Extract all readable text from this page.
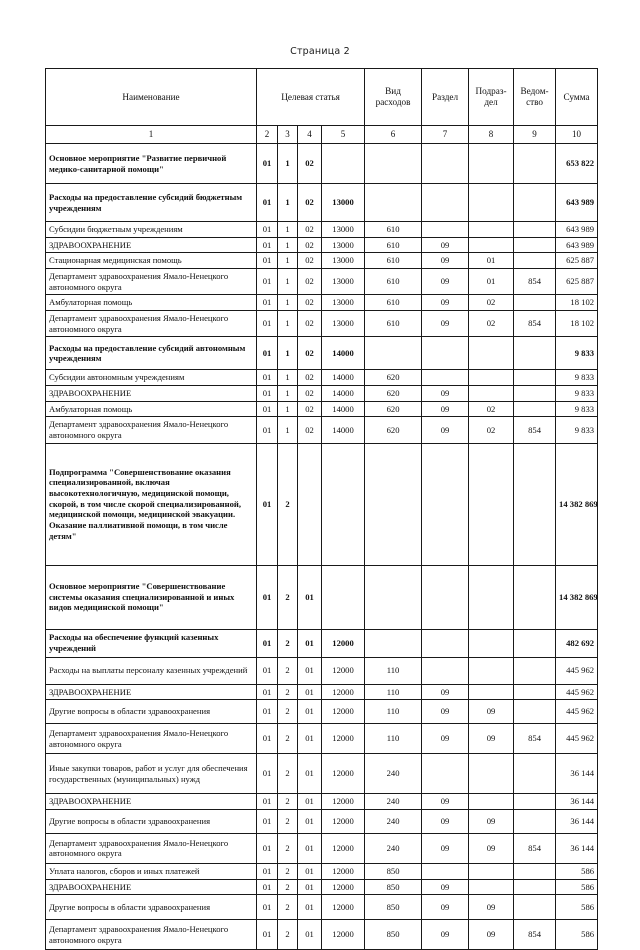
Страница 2
Наименование	Целевая статья				Вид расходов	Раздел	Подраз-дел	Ведом-ство	Сумма
1	2	3	4	5	6	7	8	9	10
Основное мероприятие "Развитие первичной медико-санитарной помощи"	01	1	02						653 822
Расходы на предоставление субсидий бюджетным учреждениям	01	1	02	13000					643 989
Субсидии бюджетным учреждениям	01	1	02	13000	610				643 989
ЗДРАВООХРАНЕНИЕ	01	1	02	13000	610	09			643 989
Стационарная медицинская помощь	01	1	02	13000	610	09	01		625 887
Департамент здравоохранения Ямало-Ненецкого автономного округа	01	1	02	13000	610	09	01	854	625 887
Амбулаторная помощь	01	1	02	13000	610	09	02		18 102
Департамент здравоохранения Ямало-Ненецкого автономного округа	01	1	02	13000	610	09	02	854	18 102
Расходы на предоставление субсидий автономным учреждениям	01	1	02	14000					9 833
Субсидии автономным учреждениям	01	1	02	14000	620				9 833
ЗДРАВООХРАНЕНИЕ	01	1	02	14000	620	09			9 833
Амбулаторная помощь	01	1	02	14000	620	09	02		9 833
Департамент здравоохранения Ямало-Ненецкого автономного округа	01	1	02	14000	620	09	02	854	9 833
Подпрограмма "Совершенствование оказания специализированной, включая высокотехнологичную, медицинской помощи, скорой, в том числе скорой специализированной, медицинской помощи, медицинской эвакуации. Оказание паллиативной помощи, в том числе детям"	01	2							14 382 869
Основное мероприятие "Совершенствование системы оказания специализированной и иных видов медицинской помощи"	01	2	01						14 382 869
Расходы на обеспечение функций казенных учреждений	01	2	01	12000					482 692
Расходы на выплаты персоналу казенных учреждений	01	2	01	12000	110				445 962
ЗДРАВООХРАНЕНИЕ	01	2	01	12000	110	09			445 962
Другие вопросы в области здравоохранения	01	2	01	12000	110	09	09		445 962
Департамент здравоохранения Ямало-Ненецкого автономного округа	01	2	01	12000	110	09	09	854	445 962
Иные закупки товаров, работ и услуг для обеспечения государственных (муниципальных) нужд	01	2	01	12000	240				36 144
ЗДРАВООХРАНЕНИЕ	01	2	01	12000	240	09			36 144
Другие вопросы в области здравоохранения	01	2	01	12000	240	09	09		36 144
Департамент здравоохранения Ямало-Ненецкого автономного округа	01	2	01	12000	240	09	09	854	36 144
Уплата налогов, сборов и иных платежей	01	2	01	12000	850				586
ЗДРАВООХРАНЕНИЕ	01	2	01	12000	850	09			586
Другие вопросы в области здравоохранения	01	2	01	12000	850	09	09		586
Департамент здравоохранения Ямало-Ненецкого автономного округа	01	2	01	12000	850	09	09	854	586
